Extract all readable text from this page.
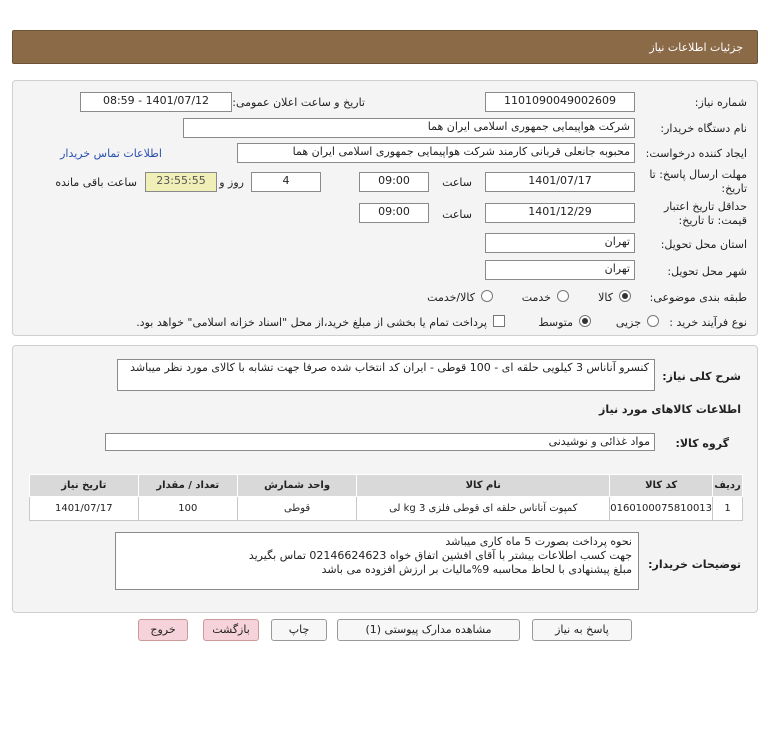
جزئیات اطلاعات نیاز
شماره نیاز:
1101090049002609
تاریخ و ساعت اعلان عمومی:
1401/07/12 - 08:59
نام دستگاه خریدار:
شرکت هواپیمایی جمهوری اسلامی ایران هما
ایجاد کننده درخواست:
محبوبه جانعلی قربانی کارمند شرکت هواپیمایی جمهوری اسلامی ایران هما
اطلاعات تماس خریدار
مهلت ارسال پاسخ: تا
تاریخ:
1401/07/17
ساعت
09:00
4
روز و
23:55:55
ساعت باقی مانده
حداقل تاریخ اعتبار
قیمت: تا تاریخ:
1401/12/29
ساعت
09:00
استان محل تحویل:
تهران
شهر محل تحویل:
تهران
طبقه بندی موضوعی:
کالا
خدمت
کالا/خدمت
نوع فرآیند خرید :
جزیی
متوسط
پرداخت تمام یا بخشی از مبلغ خرید،از محل "اسناد خزانه اسلامی" خواهد بود.
شرح کلی نیاز:
کنسرو آناناس 3 کیلویی حلقه ای - 100 قوطی - ایران کد انتخاب شده صرفا جهت تشابه با کالای مورد نظر میباشد
اطلاعات کالاهای مورد نیاز
گروه کالا:
مواد غذائی و نوشیدنی
ردیف	کد کالا	نام کالا	واحد شمارش	تعداد / مقدار	تاریخ نیاز
1	0160100075810013	کمپوت آناناس حلقه ای قوطی فلزی 3 kg لی	قوطی	100	1401/07/17
توضیحات خریدار:
نحوه پرداخت بصورت 5 ماه کاری میباشد
جهت کسب اطلاعات بیشتر با آقای افشین اتفاق خواه 02146624623 تماس بگیرید
مبلغ پیشنهادی با لحاظ محاسبه 9%مالیات بر ارزش افزوده می باشد
پاسخ به نیاز
مشاهده مدارک پیوستی (1)
چاپ
بازگشت
خروج
